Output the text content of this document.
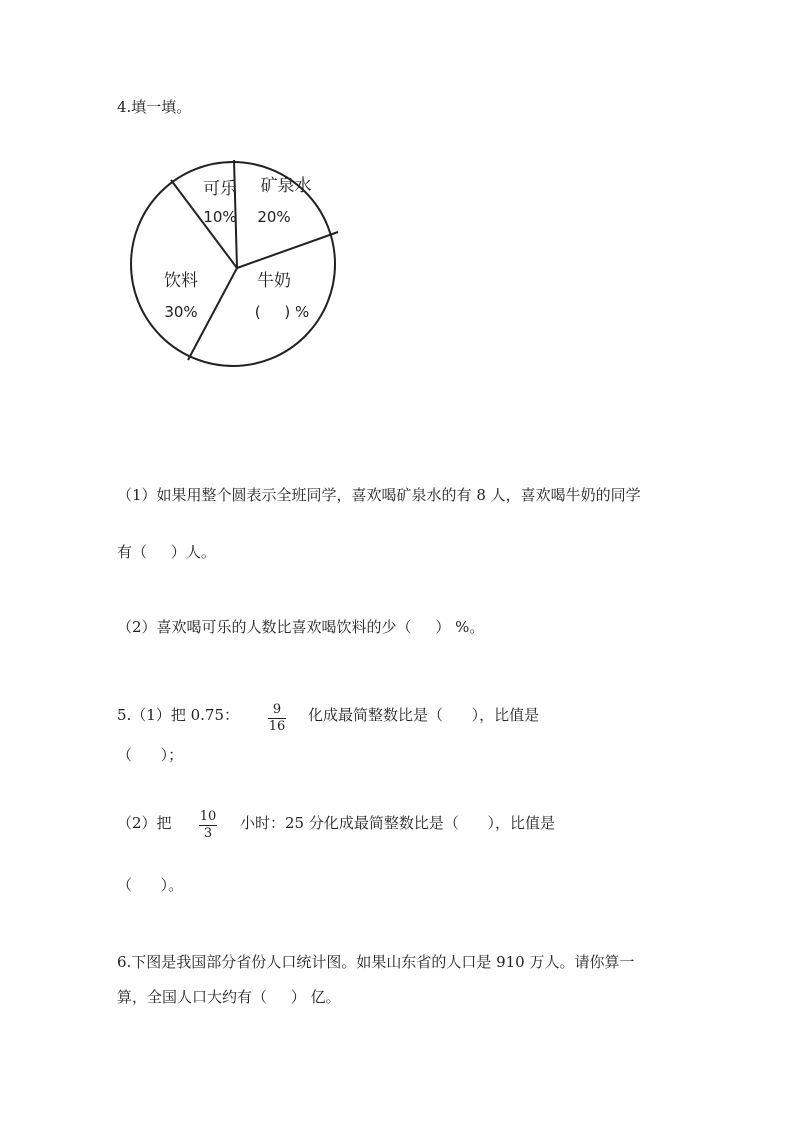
4.填一填。
可乐
10%
矿泉水
20%
饮料
30%
牛奶
(     ) %
（1）如果用整个圆表示全班同学，喜欢喝矿泉水的有 8 人，喜欢喝牛奶的同学
有（     ）人。
（2）喜欢喝可乐的人数比喜欢喝饮料的少（     ） %。
5.（1）把 0.75：	9
16
化成最简整数比是（      ），比值是
（      ）；
（2）把 10
3
小时：25 分化成最简整数比是（      ），比值是
（      ）。
6.下图是我国部分省份人口统计图。如果山东省的人口是 910 万人。请你算一
算，全国人口大约有（     ） 亿。
